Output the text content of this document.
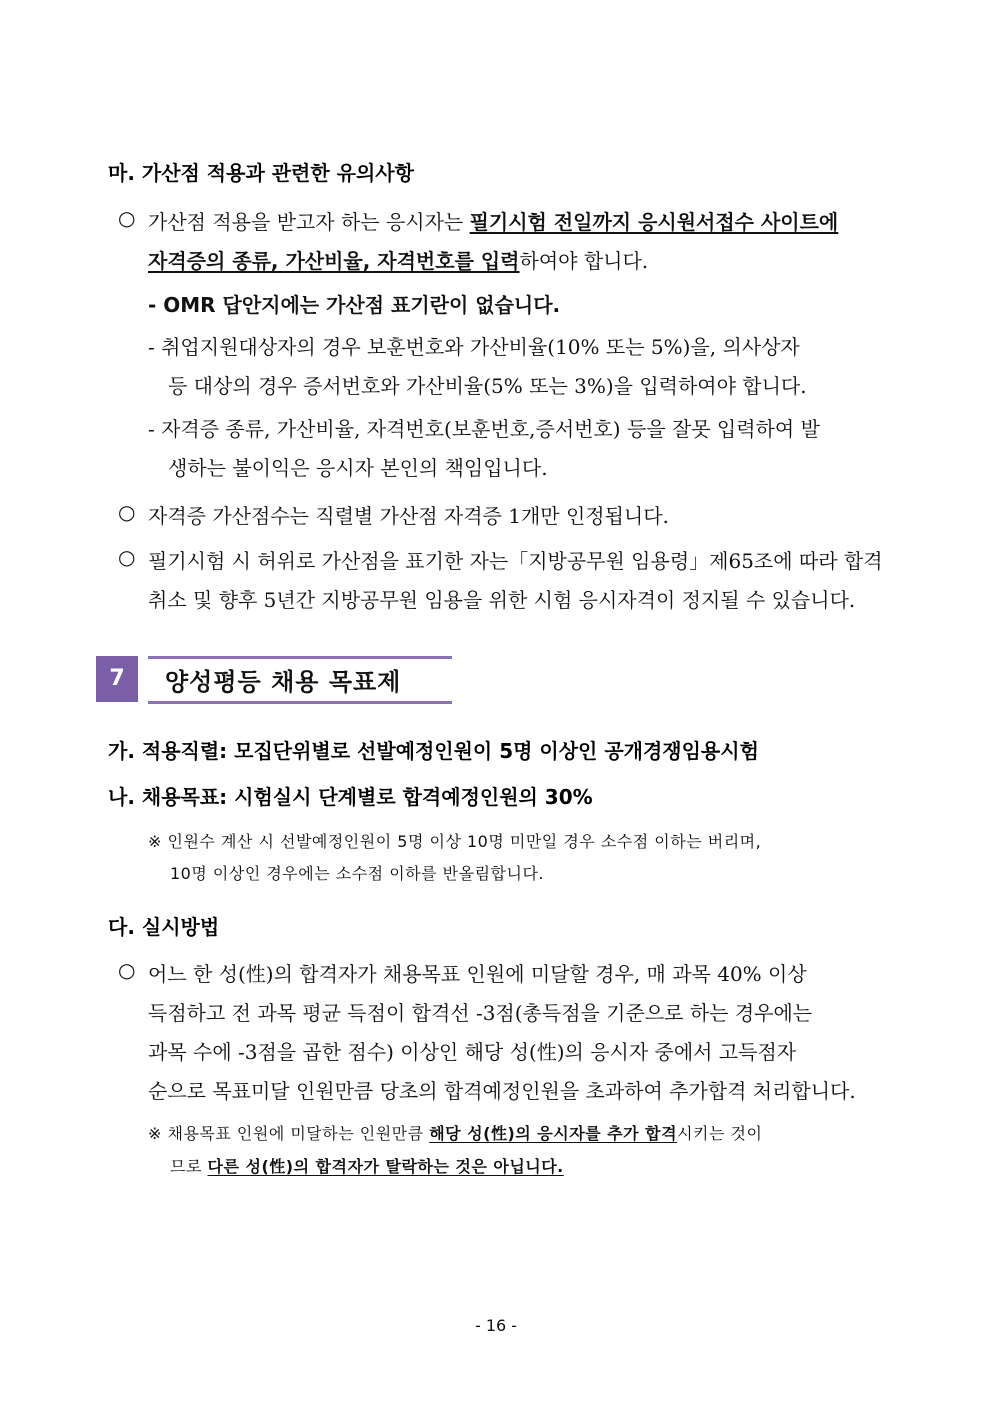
마. 가산점 적용과 관련한 유의사항
○ 가산점 적용을 받고자 하는 응시자는 필기시험 전일까지 응시원서접수 사이트에
자격증의 종류, 가산비율, 자격번호를 입력하여야 합니다.
- OMR 답안지에는 가산점 표기란이 없습니다.
- 취업지원대상자의 경우 보훈번호와 가산비율(10% 또는 5%)을, 의사상자
등 대상의 경우 증서번호와 가산비율(5% 또는 3%)을 입력하여야 합니다.
- 자격증 종류, 가산비율, 자격번호(보훈번호,증서번호) 등을 잘못 입력하여 발
생하는 불이익은 응시자 본인의 책임입니다.
○ 자격증 가산점수는 직렬별 가산점 자격증 1개만 인정됩니다.
○ 필기시험 시 허위로 가산점을 표기한 자는「지방공무원 임용령」제65조에 따라 합격
취소 및 향후 5년간 지방공무원 임용을 위한 시험 응시자격이 정지될 수 있습니다.
7	양성평등 채용 목표제
가. 적용직렬: 모집단위별로 선발예정인원이 5명 이상인 공개경쟁임용시험
나. 채용목표: 시험실시 단계별로 합격예정인원의 30%
※ 인원수 계산 시 선발예정인원이 5명 이상 10명 미만일 경우 소수점 이하는 버리며,
10명 이상인 경우에는 소수점 이하를 반올림합니다.
다. 실시방법
○ 어느 한 성(性)의 합격자가 채용목표 인원에 미달할 경우, 매 과목 40% 이상
득점하고 전 과목 평균 득점이 합격선 -3점(총득점을 기준으로 하는 경우에는
과목 수에 -3점을 곱한 점수) 이상인 해당 성(性)의 응시자 중에서 고득점자
순으로 목표미달 인원만큼 당초의 합격예정인원을 초과하여 추가합격 처리합니다.
※ 채용목표 인원에 미달하는 인원만큼 해당 성(性)의 응시자를 추가 합격시키는 것이
므로 다른 성(性)의 합격자가 탈락하는 것은 아닙니다.
- 16 -
